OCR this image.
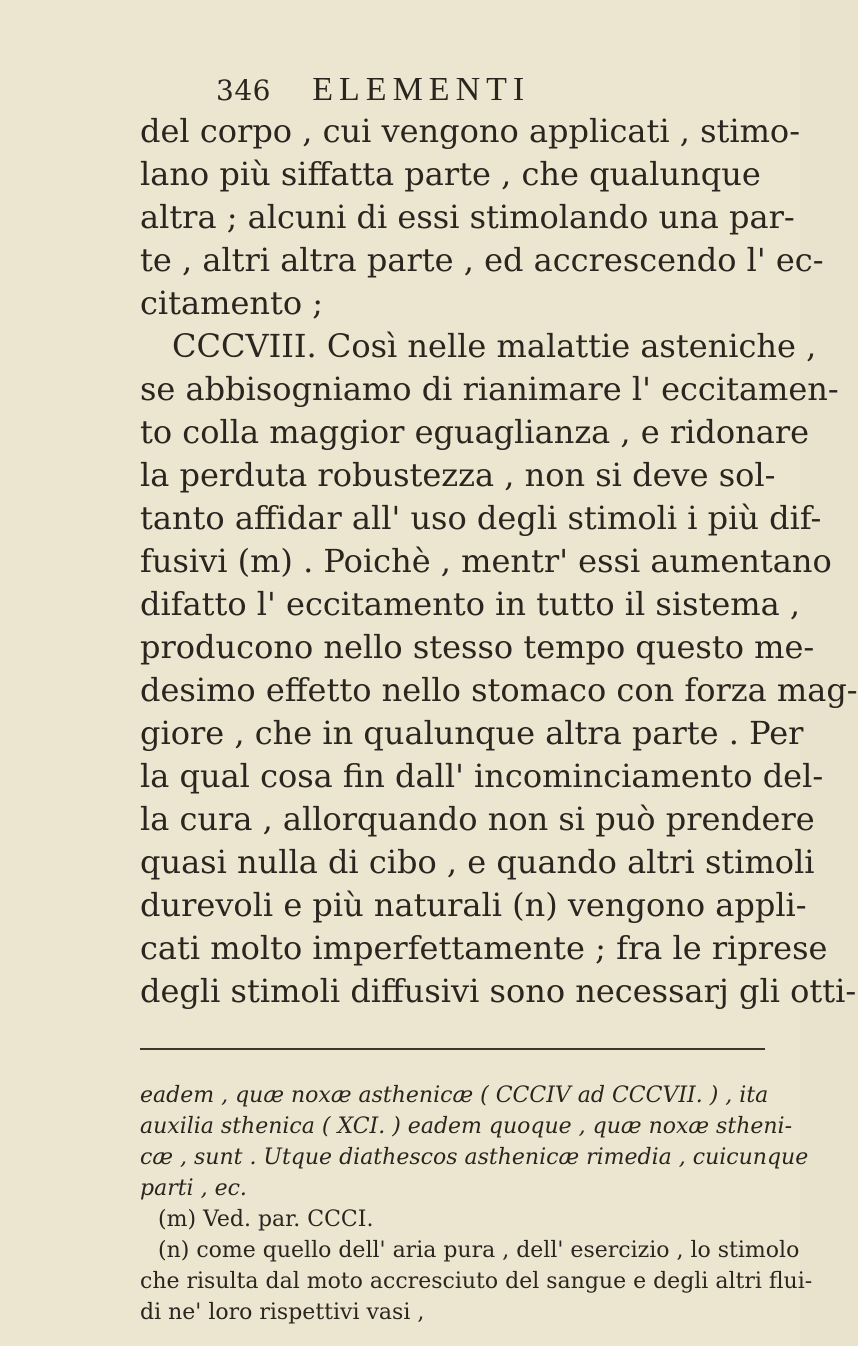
346 ELEMENTI
del corpo , cui vengono applicati , stimo-
lano più siffatta parte , che qualunque
altra ; alcuni di essi stimolando una par-
te , altri altra parte , ed accrescendo l' ec-
citamento ;
CCCVIII. Così nelle malattie asteniche ,
se abbisogniamo di rianimare l' eccitamen-
to colla maggior eguaglianza , e ridonare
la perduta robustezza , non si deve sol-
tanto affidar all' uso degli stimoli i più dif-
fusivi (m) . Poichè , mentr' essi aumentano
difatto l' eccitamento in tutto il sistema ,
producono nello stesso tempo questo me-
desimo effetto nello stomaco con forza mag-
giore , che in qualunque altra parte . Per
la qual cosa fin dall' incominciamento del-
la cura , allorquando non si può prendere
quasi nulla di cibo , e quando altri stimoli
durevoli e più naturali (n) vengono appli-
cati molto imperfettamente ; fra le riprese
degli stimoli diffusivi sono necessarj gli otti-
eadem , quæ noxæ asthenicæ ( CCCIV ad CCCVII. ) , ita
auxilia sthenica ( XCI. ) eadem quoque , quæ noxæ stheni-
cæ , sunt . Utque diathescos asthenicæ rimedia , cuicunque
parti , ec.
(m) Ved. par. CCCI.
(n) come quello dell' aria pura , dell' esercizio , lo stimolo
che risulta dal moto accresciuto del sangue e degli altri flui-
di ne' loro rispettivi vasi ,
